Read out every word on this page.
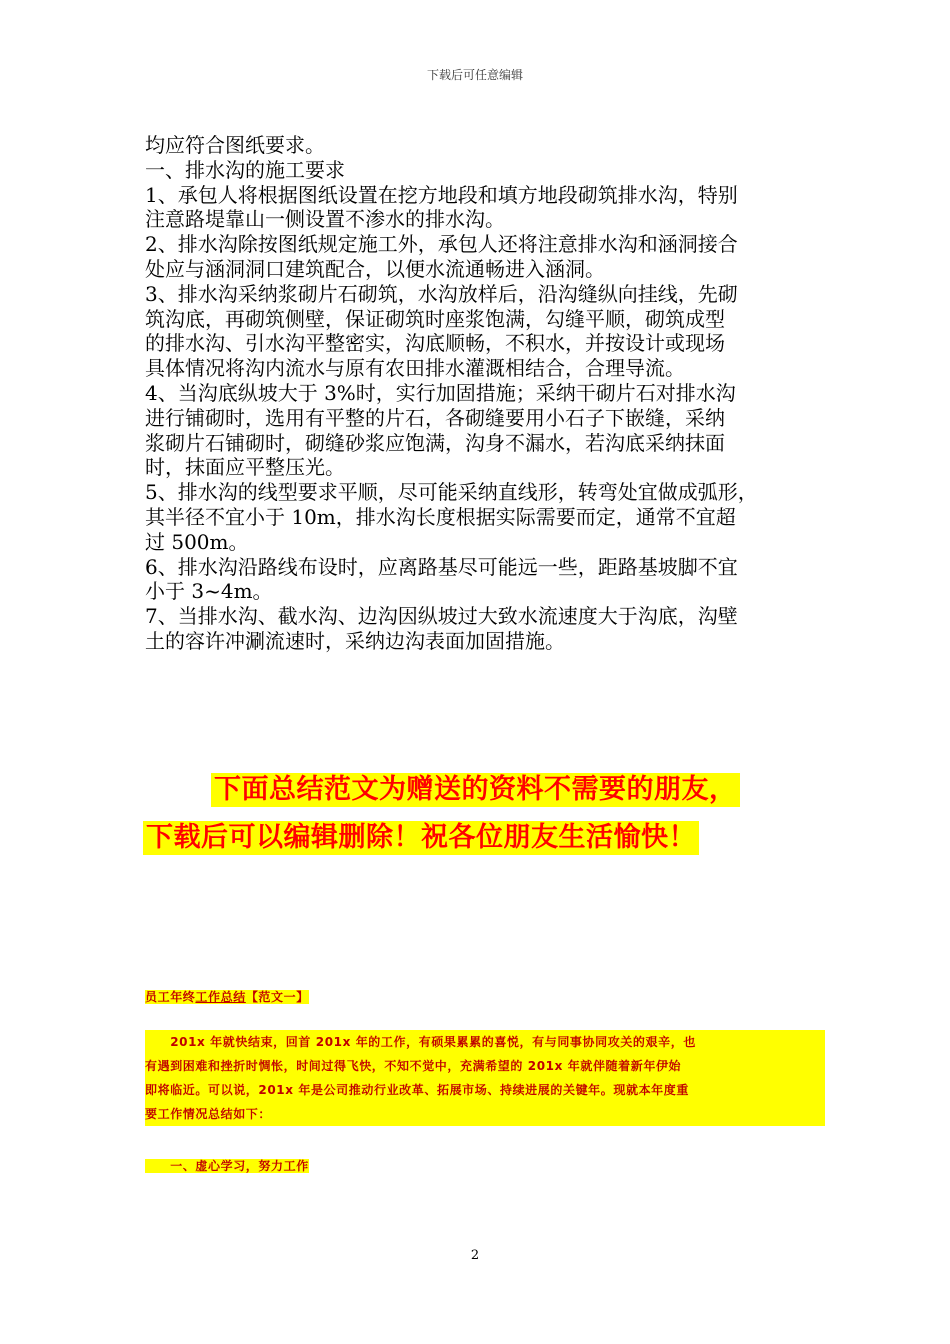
下载后可任意编辑
均应符合图纸要求。
一、排水沟的施工要求
1、承包人将根据图纸设置在挖方地段和填方地段砌筑排水沟，特别
注意路堤靠山一侧设置不渗水的排水沟。
2、排水沟除按图纸规定施工外，承包人还将注意排水沟和涵洞接合
处应与涵洞洞口建筑配合，以便水流通畅进入涵洞。
3、排水沟采纳浆砌片石砌筑，水沟放样后，沿沟缝纵向挂线，先砌
筑沟底，再砌筑侧壁，保证砌筑时座浆饱满，勾缝平顺，砌筑成型
的排水沟、引水沟平整密实，沟底顺畅，不积水，并按设计或现场
具体情况将沟内流水与原有农田排水灌溉相结合，合理导流。
4、当沟底纵坡大于 3%时，实行加固措施；采纳干砌片石对排水沟
进行铺砌时，选用有平整的片石，各砌缝要用小石子下嵌缝，采纳
浆砌片石铺砌时，砌缝砂浆应饱满，沟身不漏水，若沟底采纳抹面
时，抹面应平整压光。
5、排水沟的线型要求平顺，尽可能采纳直线形，转弯处宜做成弧形，
其半径不宜小于 10m，排水沟长度根据实际需要而定，通常不宜超
过 500m。
6、排水沟沿路线布设时，应离路基尽可能远一些，距路基坡脚不宜
小于 3~4m。
7、当排水沟、截水沟、边沟因纵坡过大致水流速度大于沟底，沟壁
土的容许冲涮流速时，采纳边沟表面加固措施。
下面总结范文为赠送的资料不需要的朋友，
下载后可以编辑删除！祝各位朋友生活愉快！
员工年终工作总结【范文一】
　　201x 年就快结束，回首 201x 年的工作，有硕果累累的喜悦，有与同事协同攻关的艰辛，也
有遇到困难和挫折时惆怅，时间过得飞快，不知不觉中，充满希望的 201x 年就伴随着新年伊始
即将临近。可以说，201x 年是公司推动行业改革、拓展市场、持续进展的关键年。现就本年度重
要工作情况总结如下：
　　一、虚心学习，努力工作
2
